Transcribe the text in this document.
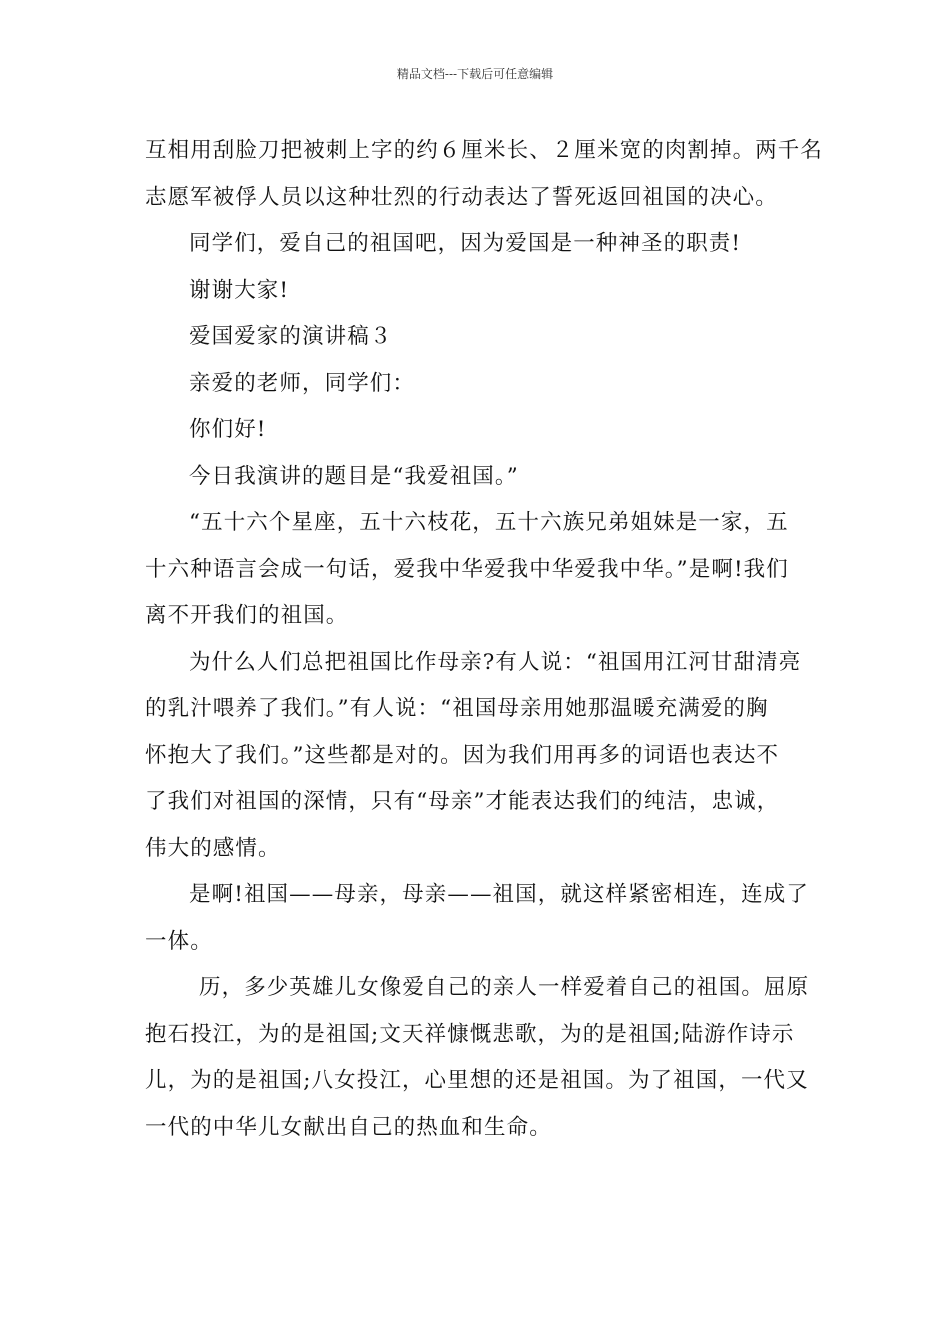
精品文档---下载后可任意编辑

互相用刮脸刀把被刺上字的约６厘米长、２厘米宽的肉割掉。两千名

志愿军被俘人员以这种壮烈的行动表达了誓死返回祖国的决心。

同学们，爱自己的祖国吧，因为爱国是一种神圣的职责!

谢谢大家!

爱国爱家的演讲稿３

亲爱的老师，同学们：

你们好!

今日我演讲的题目是“我爱祖国。”

“五十六个星座，五十六枝花，五十六族兄弟姐妹是一家，五

十六种语言会成一句话，爱我中华爱我中华爱我中华。”是啊!我们

离不开我们的祖国。

为什么人们总把祖国比作母亲?有人说：“祖国用江河甘甜清亮

的乳汁喂养了我们。”有人说：“祖国母亲用她那温暖充满爱的胸

怀抱大了我们。”这些都是对的。因为我们用再多的词语也表达不

了我们对祖国的深情，只有“母亲”才能表达我们的纯洁，忠诚，

伟大的感情。

是啊!祖国——母亲，母亲——祖国，就这样紧密相连，连成了

一体。

历，多少英雄儿女像爱自己的亲人一样爱着自己的祖国。屈原

抱石投江，为的是祖国;文天祥慷慨悲歌，为的是祖国;陆游作诗示

儿，为的是祖国;八女投江，心里想的还是祖国。为了祖国，一代又

一代的中华儿女献出自己的热血和生命。
